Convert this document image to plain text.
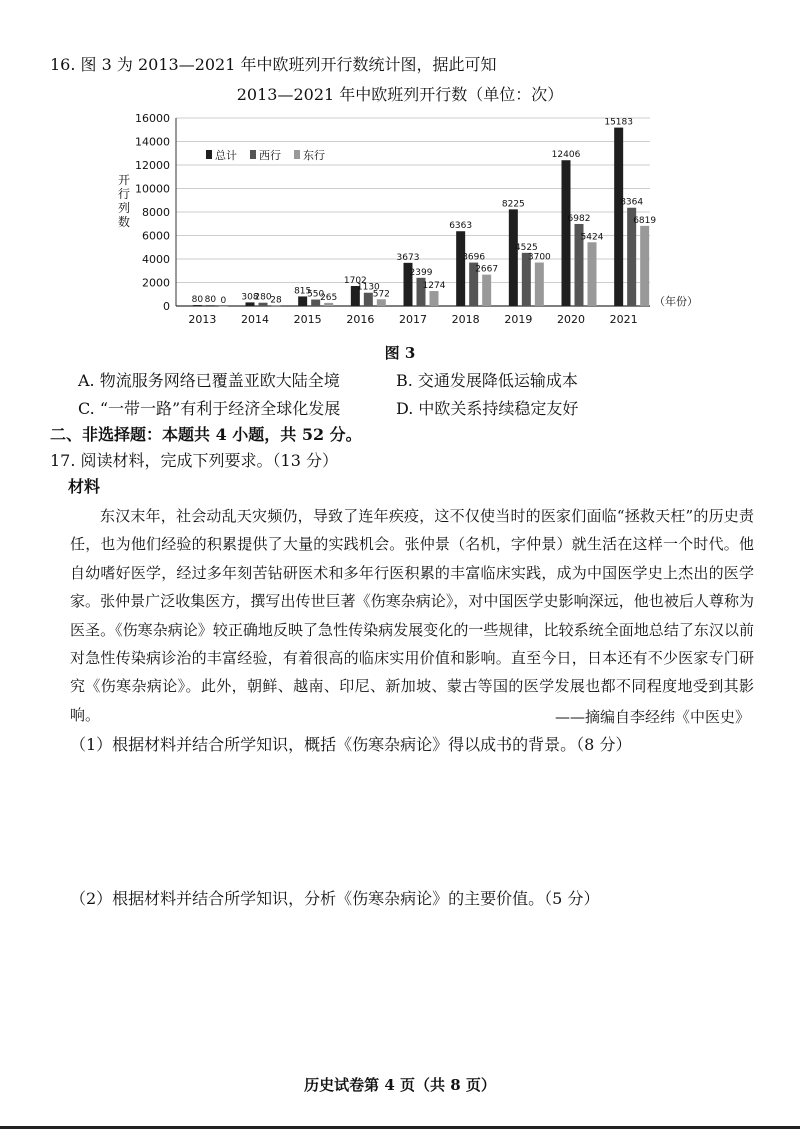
16. 图 3 为 2013—2021 年中欧班列开行数统计图，据此可知
2013—2021 年中欧班列开行数（单位：次）
0
2000
4000
6000
8000
10000
12000
14000
16000
开
行
列
数
80 80 0 308
280
28
815
550
265
1702
1130
572
3673
2399
1274
6363
3696
2667
8225
4525
3700
12406
6982
5424
15183
8364
6819
2013 2014 2015 2016 2017 2018 2019 2020 2021
（年份）
总计 西行 东行
图 3
A. 物流服务网络已覆盖亚欧大陆全境	B. 交通发展降低运输成本
C. “一带一路”有利于经济全球化发展	D. 中欧关系持续稳定友好
二、非选择题：本题共 4 小题，共 52 分。
17. 阅读材料，完成下列要求。（13 分）
材料
东汉末年，社会动乱天灾频仍，导致了连年疾疫，这不仅使当时的医家们面临“拯救天枉”的历史责任，也为他们经验的积累提供了大量的实践机会。张仲景（名机，字仲景）就生活在这样一个时代。他自幼嗜好医学，经过多年刻苦钻研医术和多年行医积累的丰富临床实践，成为中国医学史上杰出的医学家。张仲景广泛收集医方，撰写出传世巨著《伤寒杂病论》，对中国医学史影响深远，他也被后人尊称为医圣。《伤寒杂病论》较正确地反映了急性传染病发展变化的一些规律，比较系统全面地总结了东汉以前对急性传染病诊治的丰富经验，有着很高的临床实用价值和影响。直至今日，日本还有不少医家专门研究《伤寒杂病论》。此外，朝鲜、越南、印尼、新加坡、蒙古等国的医学发展也都不同程度地受到其影响。	——摘编自李经纬《中医史》
（1）根据材料并结合所学知识，概括《伤寒杂病论》得以成书的背景。（8 分）
（2）根据材料并结合所学知识，分析《伤寒杂病论》的主要价值。（5 分）
历史试卷第 4 页（共 8 页）
